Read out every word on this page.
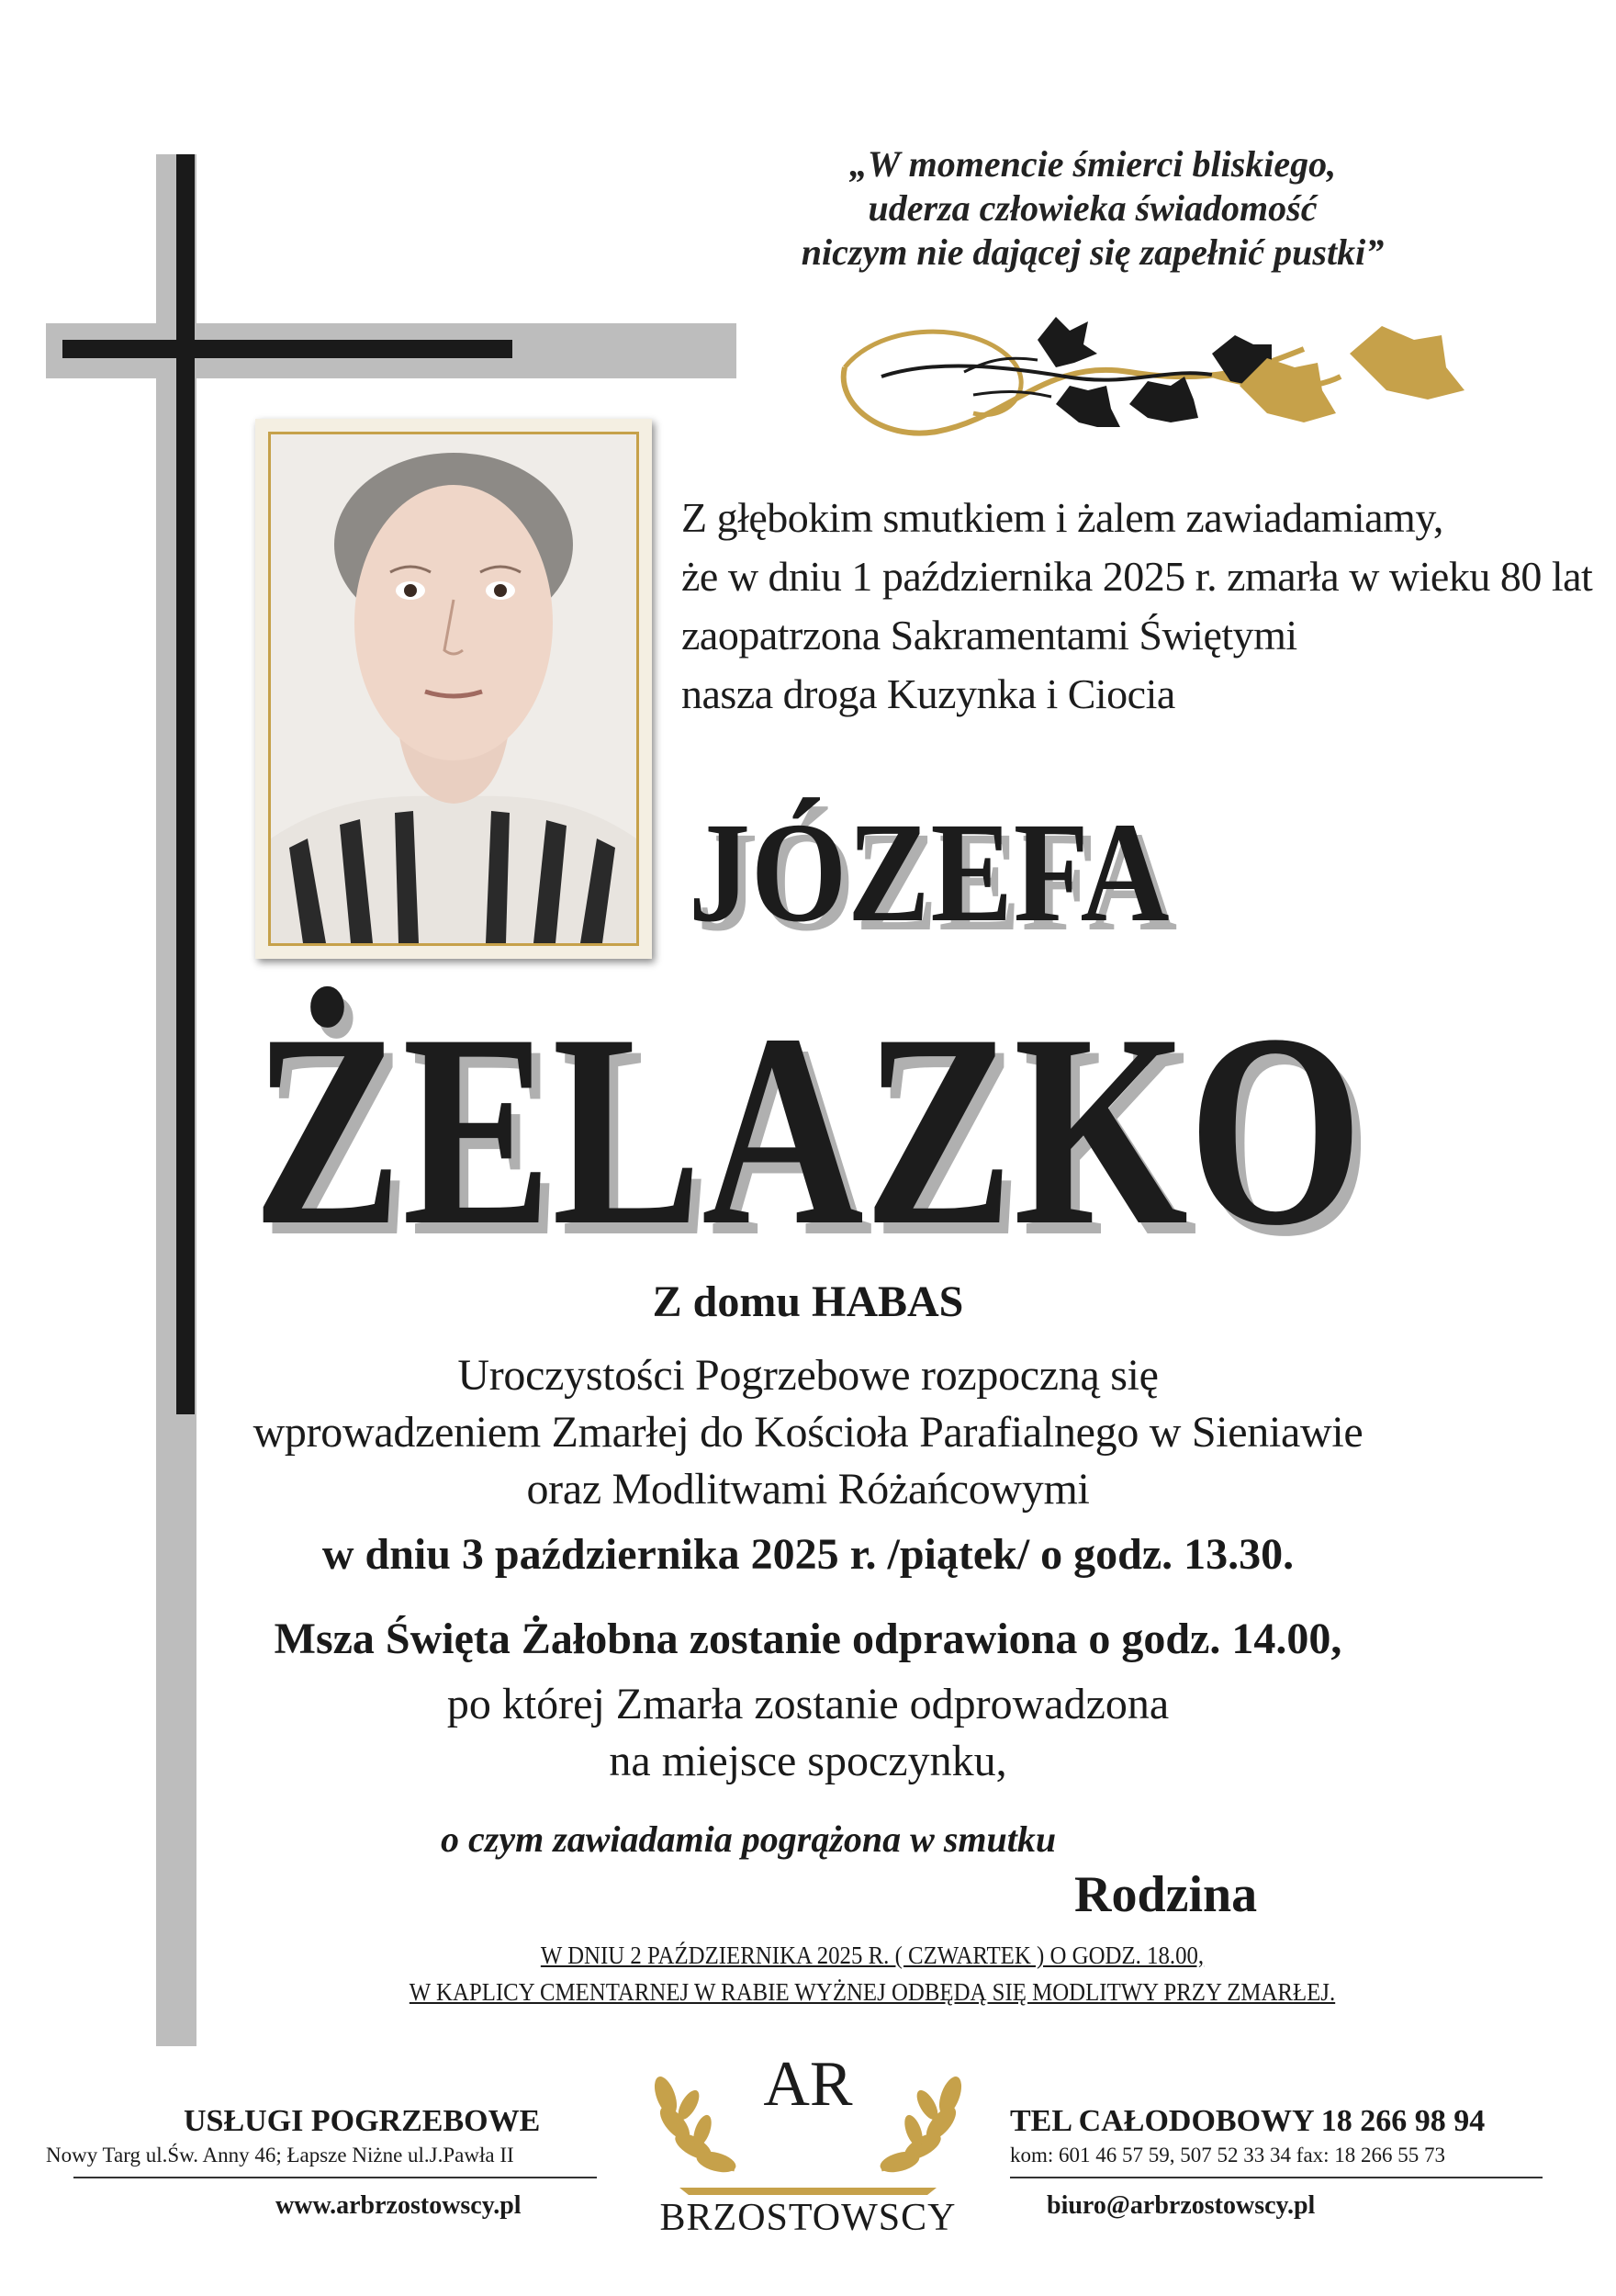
„W momencie śmierci bliskiego,
uderza człowieka świadomość
niczym nie dającej się zapełnić pustki”
Z głębokim smutkiem i żalem zawiadamiamy,
że w dniu 1 października 2025 r. zmarła w wieku 80 lat
zaopatrzona Sakramentami Świętymi
nasza droga Kuzynka i Ciocia
JÓZEFA
ŻELAZKO
Z domu HABAS
Uroczystości Pogrzebowe rozpoczną się
wprowadzeniem Zmarłej do Kościoła Parafialnego w Sieniawie
oraz Modlitwami Różańcowymi
w dniu 3 października 2025 r. /piątek/ o godz. 13.30.
Msza Święta Żałobna zostanie odprawiona o godz. 14.00,
po której Zmarła zostanie odprowadzona
na miejsce spoczynku,
o czym zawiadamia pogrążona w smutku
Rodzina
W DNIU 2 PAŹDZIERNIKA 2025 R. ( CZWARTEK ) O GODZ. 18.00,
W KAPLICY CMENTARNEJ W RABIE WYŻNEJ ODBĘDĄ SIĘ MODLITWY PRZY ZMARŁEJ.
USŁUGI POGRZEBOWE
Nowy Targ ul.Św. Anny 46; Łapsze Niżne ul.J.Pawła II
www.arbrzostowscy.pl
TEL CAŁODOBOWY 18 266 98 94
kom: 601 46 57 59, 507 52 33 34 fax: 18 266 55 73
biuro@arbrzostowscy.pl
AR
BRZOSTOWSCY
